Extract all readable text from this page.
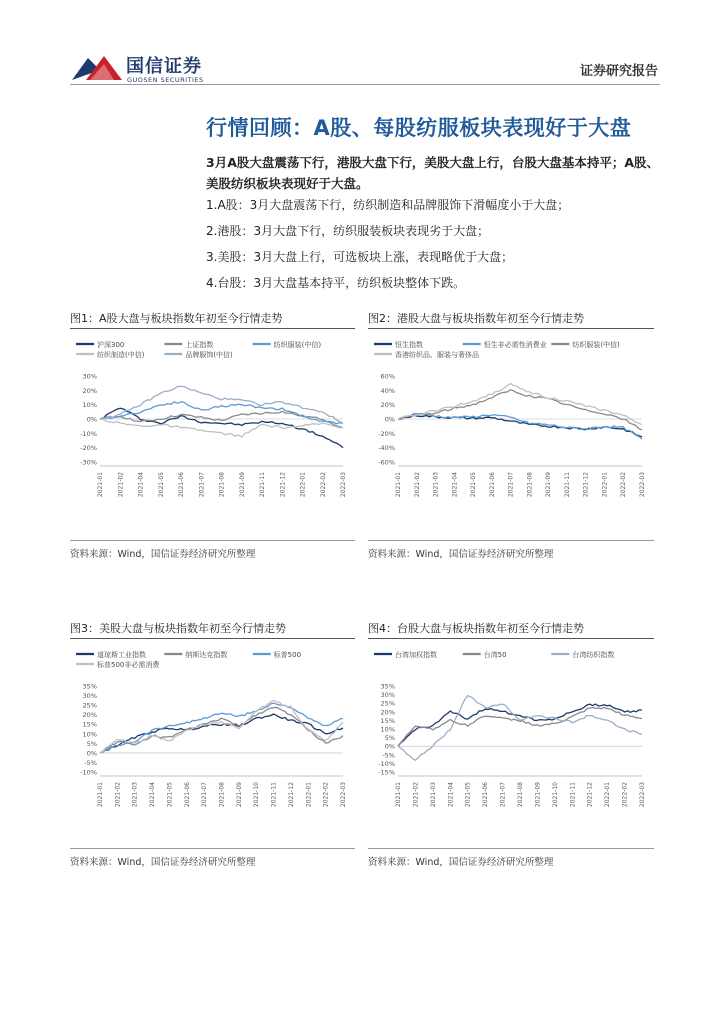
国信证券
GUOSEN SECURITIES
证券研究报告
行情回顾：A股、每股纺服板块表现好于大盘
3月A股大盘震荡下行，港股大盘下行，美股大盘上行，台股大盘基本持平；A股、美股纺织板块表现好于大盘。
1.A股：3月大盘震荡下行，纺织制造和品牌服饰下滑幅度小于大盘；
2.港股：3月大盘下行，纺织服装板块表现劣于大盘；
3.美股：3月大盘上行，可选板块上涨，表现略优于大盘；
4.台股：3月大盘基本持平，纺织板块整体下跌。
图1：A股大盘与板块指数年初至今行情走势
沪深300	上证指数	纺织服装(中信)
纺织制造(中信)	品牌服饰(中信)
30%
20%
10%
0%
-10%
-20%
-30%
2021-01 2021-02 2021-04 2021-05 2021-06 2021-07 2021-08 2021-09 2021-11 2021-12 2022-01 2022-02 2022-03
资料来源：Wind，国信证券经济研究所整理
图2：港股大盘与板块指数年初至今行情走势
恒生指数	恒生非必需性消费业	纺织服装(中信)
香港纺织品、服装与奢侈品
60%
40%
20%
0%
-20%
-40%
-60%
2021-01 2021-02 2021-03 2021-04 2021-05 2021-06 2021-07 2021-08 2021-09 2021-11 2021-12 2022-01 2022-02 2022-03
资料来源：Wind，国信证券经济研究所整理
图3：美股大盘与板块指数年初至今行情走势
道琼斯工业指数	纳斯达克指数	标普500
标普500非必需消费
35%
30%
25%
20%
15%
10%
5%
0%
-5%
-10%
2021-01 2021-02 2021-03 2021-04 2021-05 2021-06 2021-07 2021-08 2021-09 2021-10 2021-11 2021-12 2022-01 2022-02 2022-03
资料来源：Wind，国信证券经济研究所整理
图4：台股大盘与板块指数年初至今行情走势
台湾加权指数	台湾50	台湾纺织指数
35%
30%
25%
20%
15%
10%
5%
0%
-5%
-10%
-15%
2021-01 2021-02 2021-03 2021-04 2021-05 2021-06 2021-07 2021-08 2021-09 2021-10 2021-11 2021-12 2022-01 2022-02 2022-03
资料来源：Wind，国信证券经济研究所整理
